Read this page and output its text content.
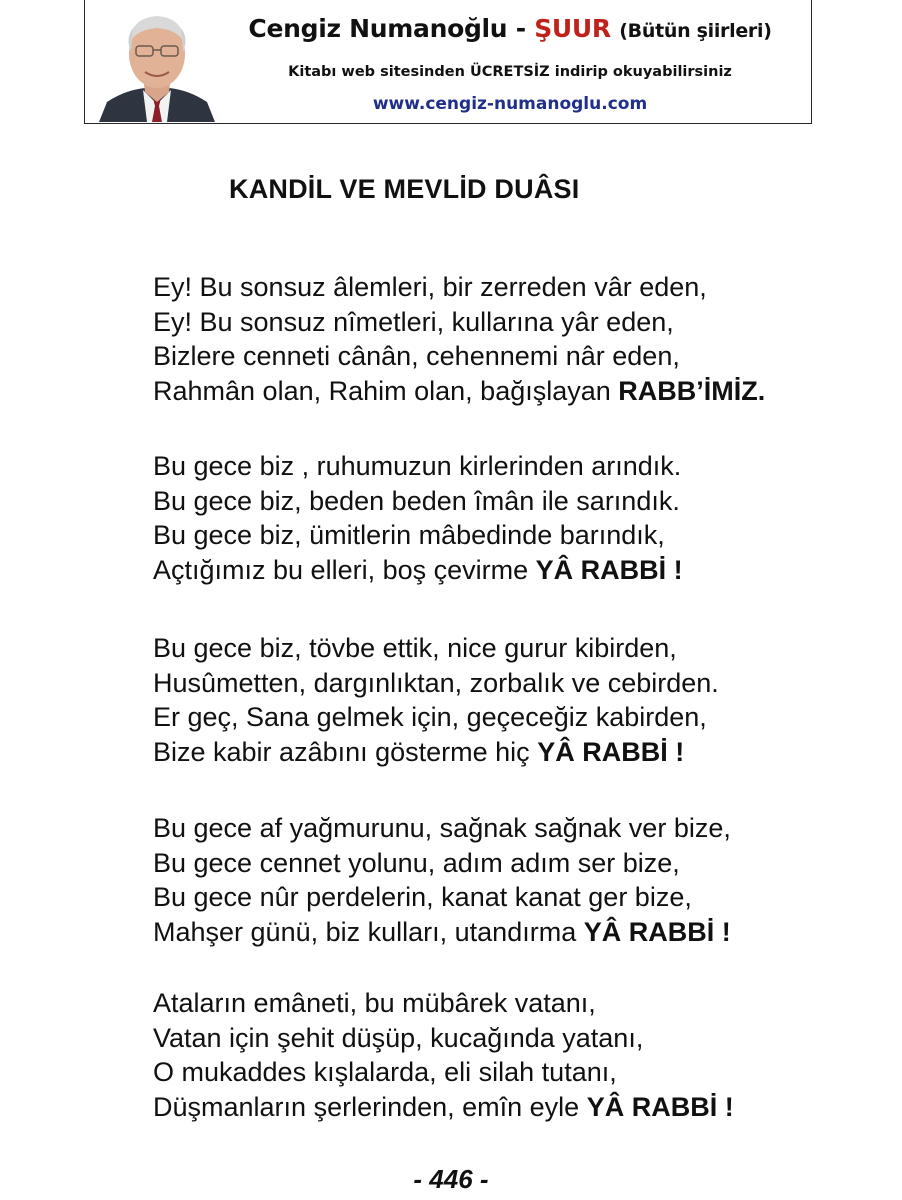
Cengiz Numanoğlu - ŞUUR (Bütün şiirleri)
Kitabı web sitesinden ÜCRETSİZ indirip okuyabilirsiniz
www.cengiz-numanoglu.com
KANDİL VE MEVLİD DUÂSI
Ey! Bu sonsuz âlemleri, bir zerreden vâr eden,
Ey! Bu sonsuz nîmetleri, kullarına yâr eden,
Bizlere cenneti cânân, cehennemi nâr eden,
Rahmân olan, Rahim olan, bağışlayan RABB’İMİZ.
Bu gece biz , ruhumuzun kirlerinden arındık.
Bu gece biz, beden beden îmân ile sarındık.
Bu gece biz, ümitlerin mâbedinde barındık,
Açtığımız bu elleri, boş çevirme YÂ RABBİ !
Bu gece biz, tövbe ettik, nice gurur kibirden,
Husûmetten, dargınlıktan, zorbalık ve cebirden.
Er geç, Sana gelmek için, geçeceğiz kabirden,
Bize kabir azâbını gösterme hiç YÂ RABBİ !
Bu gece af yağmurunu, sağnak sağnak ver bize,
Bu gece cennet yolunu, adım adım ser bize,
Bu gece nûr perdelerin, kanat kanat ger bize,
Mahşer günü, biz kulları, utandırma YÂ RABBİ !
Ataların emâneti, bu mübârek vatanı,
Vatan için şehit düşüp, kucağında yatanı,
O mukaddes kışlalarda, eli silah tutanı,
Düşmanların şerlerinden, emîn eyle YÂ RABBİ !
- 446 -
